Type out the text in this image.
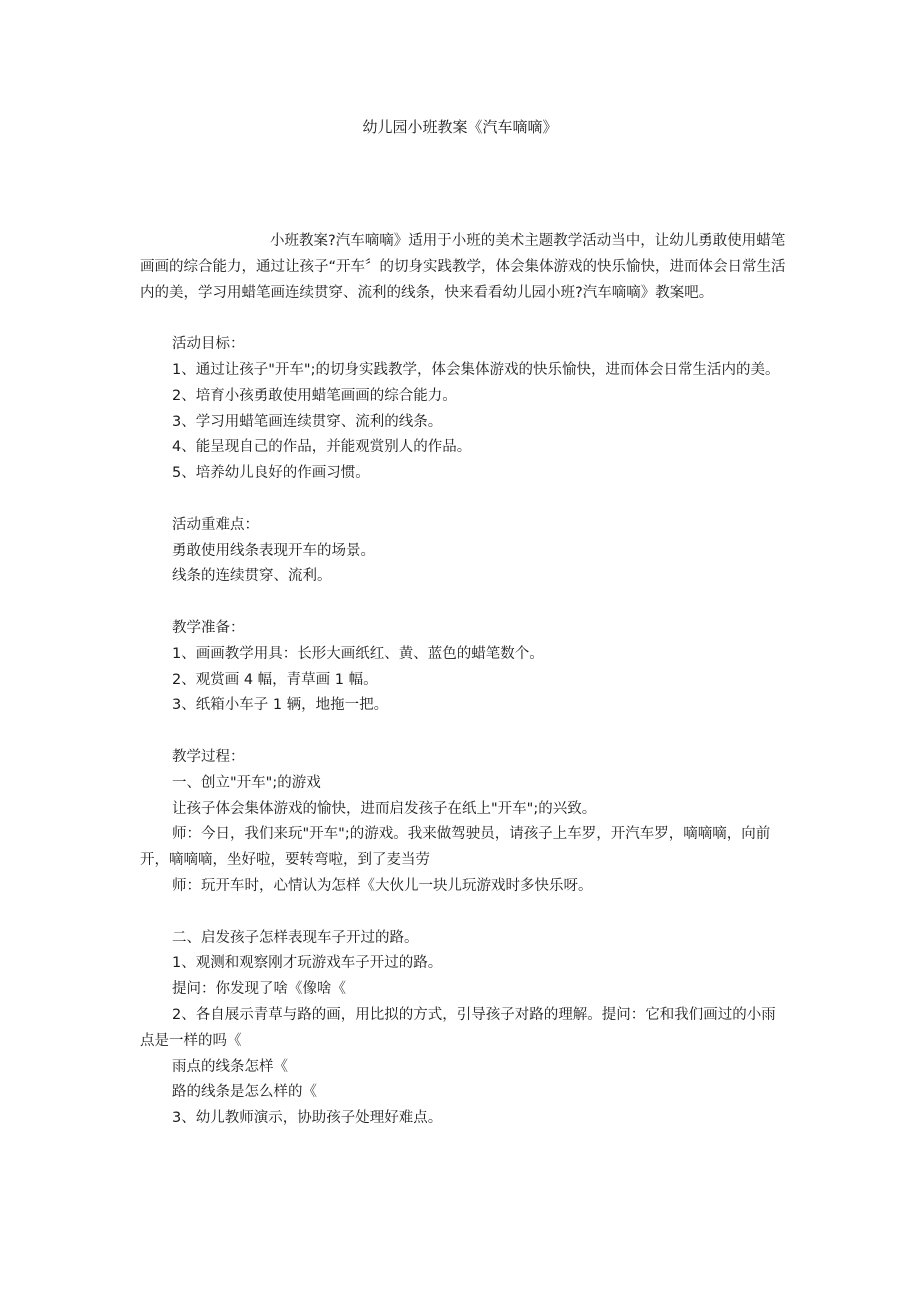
幼儿园小班教案《汽车嘀嘀》

小班教案?汽车嘀嘀》适用于小班的美术主题教学活动当中，让幼儿勇敢使用蜡笔画画的综合能力，通过让孩子“开车〞的切身实践教学，体会集体游戏的快乐愉快，进而体会日常生活内的美，学习用蜡笔画连续贯穿、流利的线条，快来看看幼儿园小班?汽车嘀嘀》教案吧。

活动目标：

1、通过让孩子"开车";的切身实践教学，体会集体游戏的快乐愉快，进而体会日常生活内的美。

2、培育小孩勇敢使用蜡笔画画的综合能力。

3、学习用蜡笔画连续贯穿、流利的线条。

4、能呈现自己的作品，并能观赏别人的作品。

5、培养幼儿良好的作画习惯。

活动重难点：

勇敢使用线条表现开车的场景。

线条的连续贯穿、流利。

教学准备：

1、画画教学用具：长形大画纸红、黄、蓝色的蜡笔数个。

2、观赏画 4 幅，青草画 1 幅。

3、纸箱小车子 1 辆，地拖一把。

教学过程：

一、创立"开车";的游戏

让孩子体会集体游戏的愉快，进而启发孩子在纸上"开车";的兴致。

师：今日，我们来玩"开车";的游戏。我来做驾驶员，请孩子上车罗，开汽车罗，嘀嘀嘀，向前开，嘀嘀嘀，坐好啦，要转弯啦，到了麦当劳

师：玩开车时，心情认为怎样《大伙儿一块儿玩游戏时多快乐呀。

二、启发孩子怎样表现车子开过的路。

1、观测和观察刚才玩游戏车子开过的路。

提问：你发现了啥《像啥《

2、各自展示青草与路的画，用比拟的方式，引导孩子对路的理解。提问：它和我们画过的小雨点是一样的吗《

雨点的线条怎样《

路的线条是怎么样的《

3、幼儿教师演示，协助孩子处理好难点。
